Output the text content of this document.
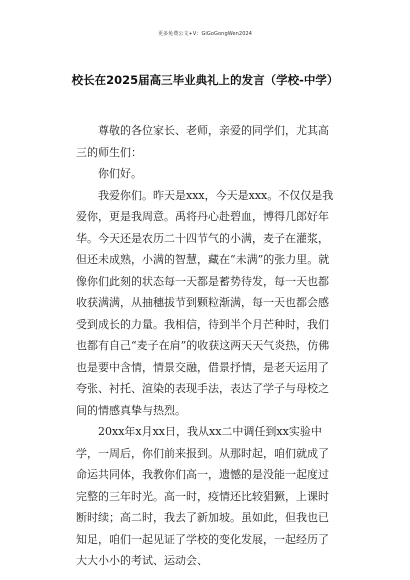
更多免费公文+V：GiGoGongWen2024
校长在2025届高三毕业典礼上的发言（学校-中学）

尊敬的各位家长、老师，亲爱的同学们，尤其高三的师生们：

你们好。

我爱你们。昨天是xxx，今天是xxx。不仅仅是我爱你，更是我周意。禹将丹心赴碧血，博得几郎好年华。今天还是农历二十四节气的小满，麦子在灌浆，但还未成熟，小满的智慧，藏在“未满”的张力里。就像你们此刻的状态每一天都是蓄势待发，每一天也都收获满满，从抽穗拔节到颗粒渐满，每一天也都会感受到成长的力量。我相信，待到半个月芒种时，我们也都有自己“麦子在肩”的收获这两天天气炎热，仿佛也是要中含情，情景交融，借景抒情，是老天运用了夸张、衬托、渲染的表现手法，表达了学子与母校之间的情感真挚与热烈。

20xx年x月xx日，我从xx二中调任到xx实验中学，一周后，你们前来报到。从那时起，咱们就成了命运共同体，我教你们高一，遗憾的是没能一起度过完整的三年时光。高一时，疫情还比较猖獗，上课时断时续；高二时，我去了新加坡。虽如此，但我也已知足，咱们一起见证了学校的变化发展，一起经历了大大小小的考试、运动会、
